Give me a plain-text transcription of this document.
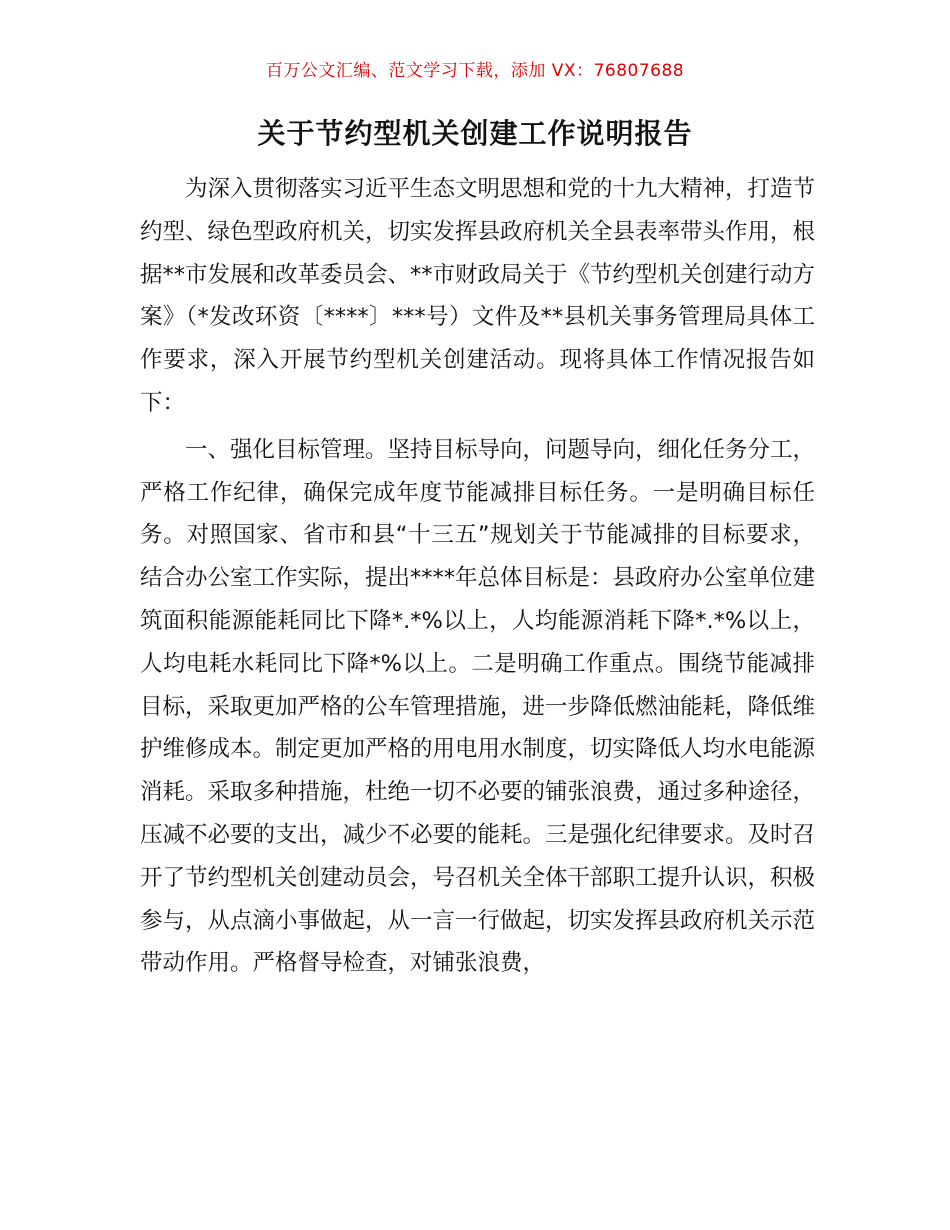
百万公文汇编、范文学习下载，添加 VX：76807688
关于节约型机关创建工作说明报告

为深入贯彻落实习近平生态文明思想和党的十九大精神，打造节约型、绿色型政府机关，切实发挥县政府机关全县表率带头作用，根据**市发展和改革委员会、**市财政局关于《节约型机关创建行动方案》（*发改环资〔****〕***号）文件及**县机关事务管理局具体工作要求，深入开展节约型机关创建活动。现将具体工作情况报告如下：

一、强化目标管理。坚持目标导向，问题导向，细化任务分工，严格工作纪律，确保完成年度节能减排目标任务。一是明确目标任务。对照国家、省市和县“十三五”规划关于节能减排的目标要求，结合办公室工作实际，提出****年总体目标是：县政府办公室单位建筑面积能源能耗同比下降*.*%以上，人均能源消耗下降*.*%以上，人均电耗水耗同比下降*%以上。二是明确工作重点。围绕节能减排目标，采取更加严格的公车管理措施，进一步降低燃油能耗，降低维护维修成本。制定更加严格的用电用水制度，切实降低人均水电能源消耗。采取多种措施，杜绝一切不必要的铺张浪费，通过多种途径，压减不必要的支出，减少不必要的能耗。三是强化纪律要求。及时召开了节约型机关创建动员会，号召机关全体干部职工提升认识，积极参与，从点滴小事做起，从一言一行做起，切实发挥县政府机关示范带动作用。严格督导检查，对铺张浪费，
